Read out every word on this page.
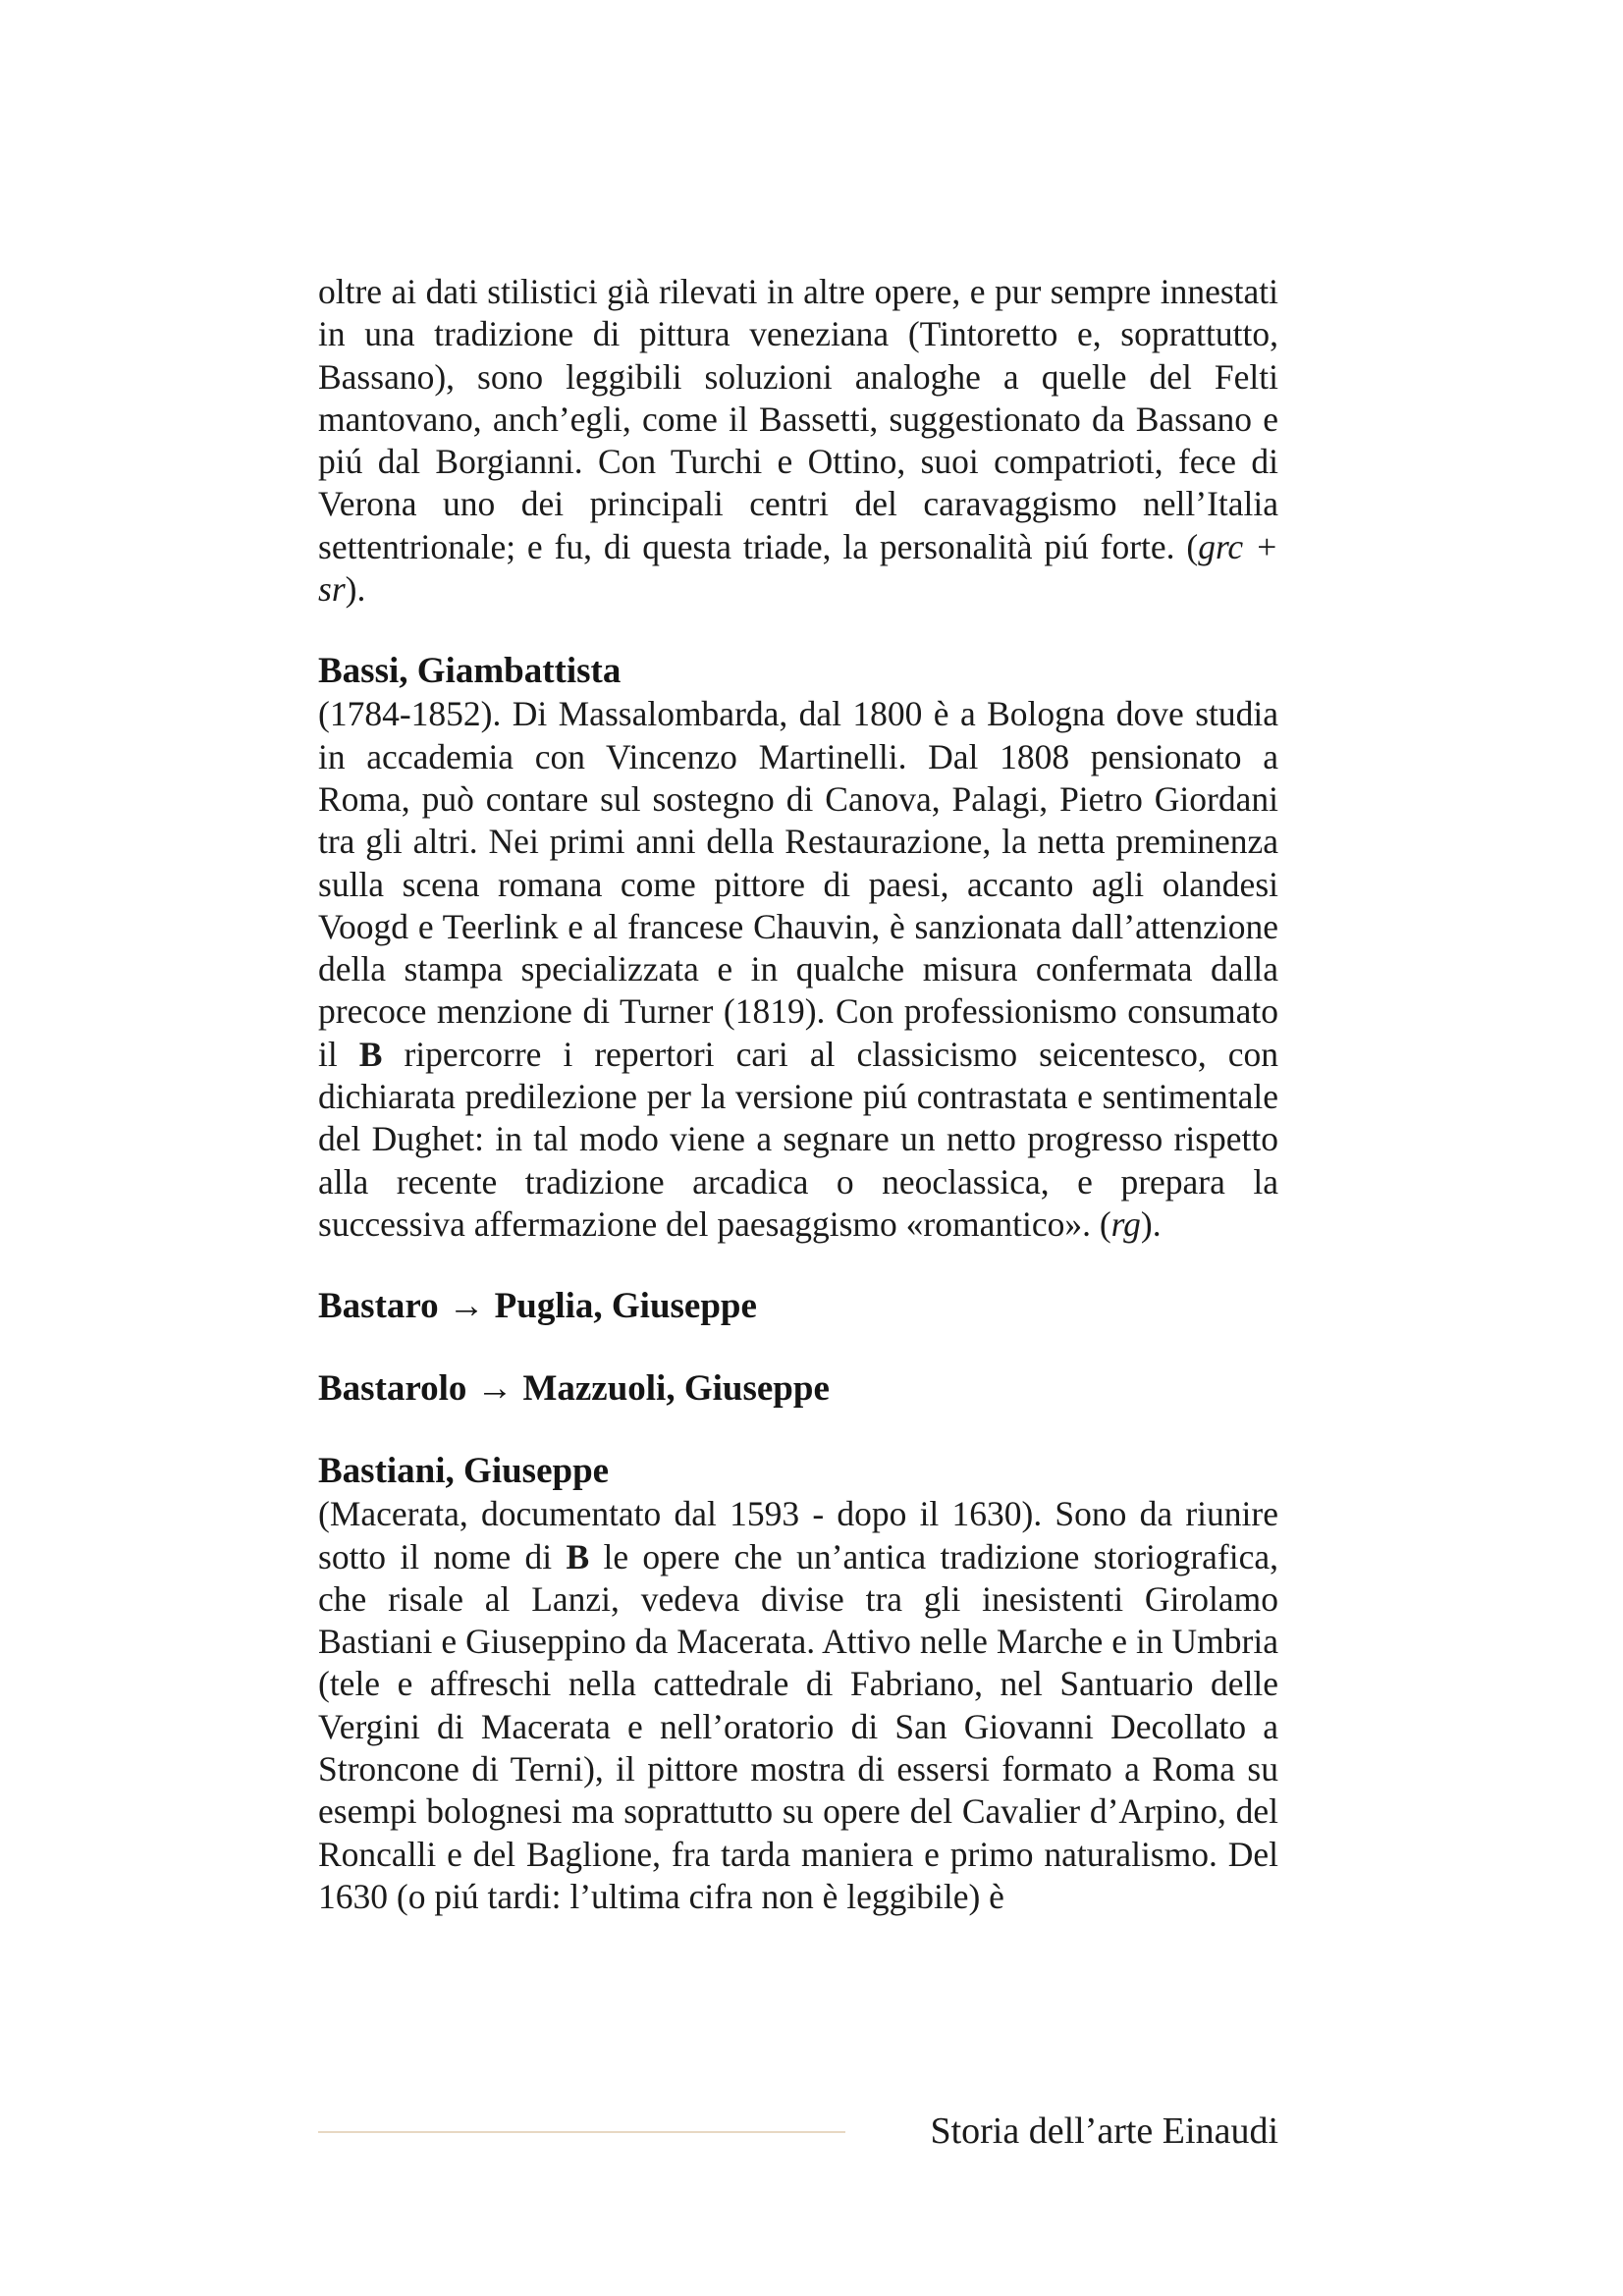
oltre ai dati stilistici già rilevati in altre opere, e pur sempre innestati in una tradizione di pittura veneziana (Tintoretto e, soprattutto, Bassano), sono leggibili soluzioni analoghe a quelle del Felti mantovano, anch’egli, come il Bassetti, suggestionato da Bassano e piú dal Borgianni. Con Turchi e Ottino, suoi compatrioti, fece di Verona uno dei principali centri del caravaggismo nell’Italia settentrionale; e fu, di questa triade, la personalità piú forte. (grc + sr).

Bassi, Giambattista

(1784-1852). Di Massalombarda, dal 1800 è a Bologna dove studia in accademia con Vincenzo Martinelli. Dal 1808 pensionato a Roma, può contare sul sostegno di Canova, Palagi, Pietro Giordani tra gli altri. Nei primi anni della Restaurazione, la netta preminenza sulla scena romana come pittore di paesi, accanto agli olandesi Voogd e Teerlink e al francese Chauvin, è sanzionata dall’attenzione della stampa specializzata e in qualche misura confermata dalla precoce menzione di Turner (1819). Con professionismo consumato il B ripercorre i repertori cari al classicismo seicentesco, con dichiarata predilezione per la versione piú contrastata e sentimentale del Dughet: in tal modo viene a segnare un netto progresso rispetto alla recente tradizione arcadica o neoclassica, e prepara la successiva affermazione del paesaggismo «romantico». (rg).

Bastaro → Puglia, Giuseppe
Bastarolo → Mazzuoli, Giuseppe
Bastiani, Giuseppe

(Macerata, documentato dal 1593 - dopo il 1630). Sono da riunire sotto il nome di B le opere che un’antica tradizione storiografica, che risale al Lanzi, vedeva divise tra gli inesistenti Girolamo Bastiani e Giuseppino da Macerata. Attivo nelle Marche e in Umbria (tele e affreschi nella cattedrale di Fabriano, nel Santuario delle Vergini di Macerata e nell’oratorio di San Giovanni Decollato a Stroncone di Terni), il pittore mostra di essersi formato a Roma su esempi bolognesi ma soprattutto su opere del Cavalier d’Arpino, del Roncalli e del Baglione, fra tarda maniera e primo naturalismo. Del 1630 (o piú tardi: l’ultima cifra non è leggibile) è

Storia dell’arte Einaudi
